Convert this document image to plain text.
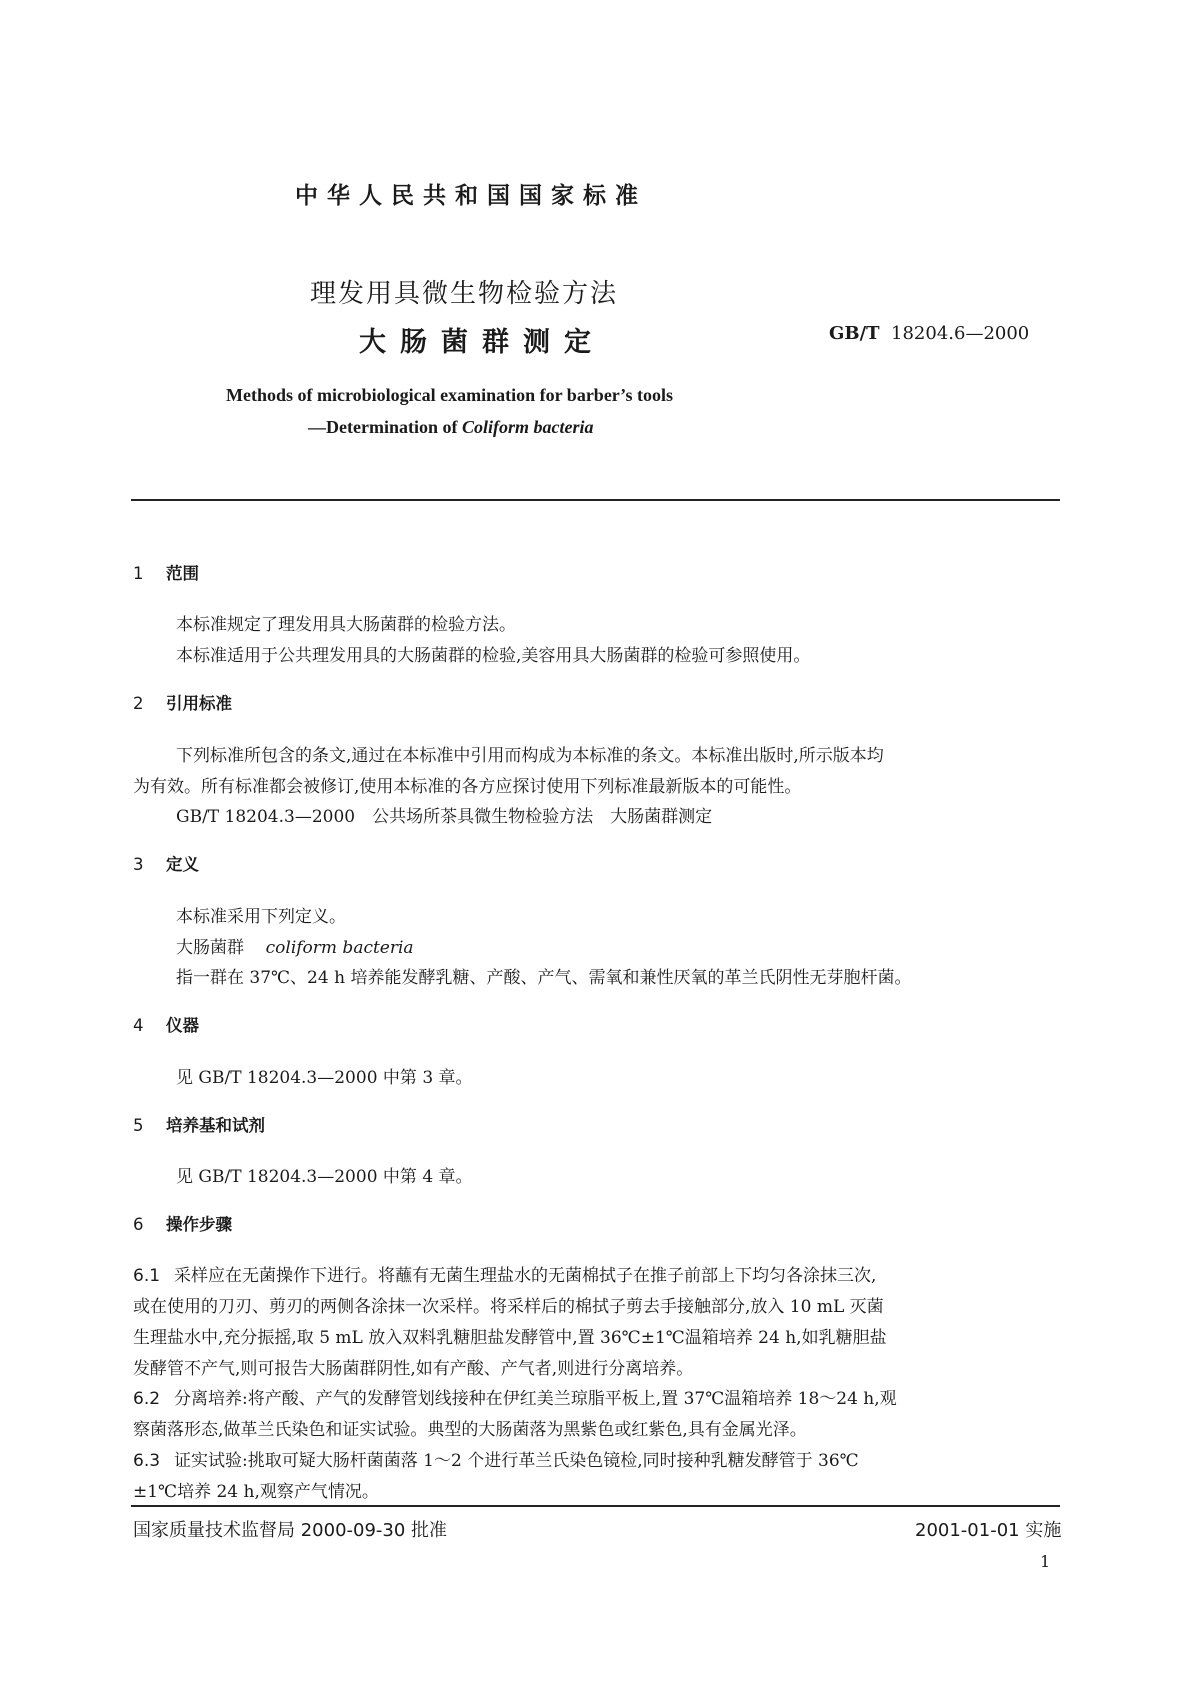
中华人民共和国国家标准
理发用具微生物检验方法
大肠菌群测定	GB/T 18204.6—2000
Methods of microbiological examination for barber’s tools
—Determination of Coliform bacteria
1 范围
本标准规定了理发用具大肠菌群的检验方法。
本标准适用于公共理发用具的大肠菌群的检验,美容用具大肠菌群的检验可参照使用。
2 引用标准
下列标准所包含的条文,通过在本标准中引用而构成为本标准的条文。本标准出版时,所示版本均
为有效。所有标准都会被修订,使用本标准的各方应探讨使用下列标准最新版本的可能性。
GB/T 18204.3—2000　公共场所茶具微生物检验方法　大肠菌群测定
3 定义
本标准采用下列定义。
大肠菌群 coliform bacteria
指一群在 37℃、24 h 培养能发酵乳糖、产酸、产气、需氧和兼性厌氧的革兰氏阴性无芽胞杆菌。
4 仪器
见 GB/T 18204.3—2000 中第 3 章。
5 培养基和试剂
见 GB/T 18204.3—2000 中第 4 章。
6 操作步骤
6.1 采样应在无菌操作下进行。将蘸有无菌生理盐水的无菌棉拭子在推子前部上下均匀各涂抹三次,
或在使用的刀刃、剪刃的两侧各涂抹一次采样。将采样后的棉拭子剪去手接触部分,放入 10 mL 灭菌
生理盐水中,充分振摇,取 5 mL 放入双料乳糖胆盐发酵管中,置 36℃±1℃温箱培养 24 h,如乳糖胆盐
发酵管不产气,则可报告大肠菌群阴性,如有产酸、产气者,则进行分离培养。
6.2 分离培养:将产酸、产气的发酵管划线接种在伊红美兰琼脂平板上,置 37℃温箱培养 18～24 h,观
察菌落形态,做革兰氏染色和证实试验。典型的大肠菌落为黑紫色或红紫色,具有金属光泽。
6.3 证实试验:挑取可疑大肠杆菌菌落 1～2 个进行革兰氏染色镜检,同时接种乳糖发酵管于 36℃
±1℃培养 24 h,观察产气情况。
国家质量技术监督局 2000-09-30 批准	2001-01-01 实施
1
